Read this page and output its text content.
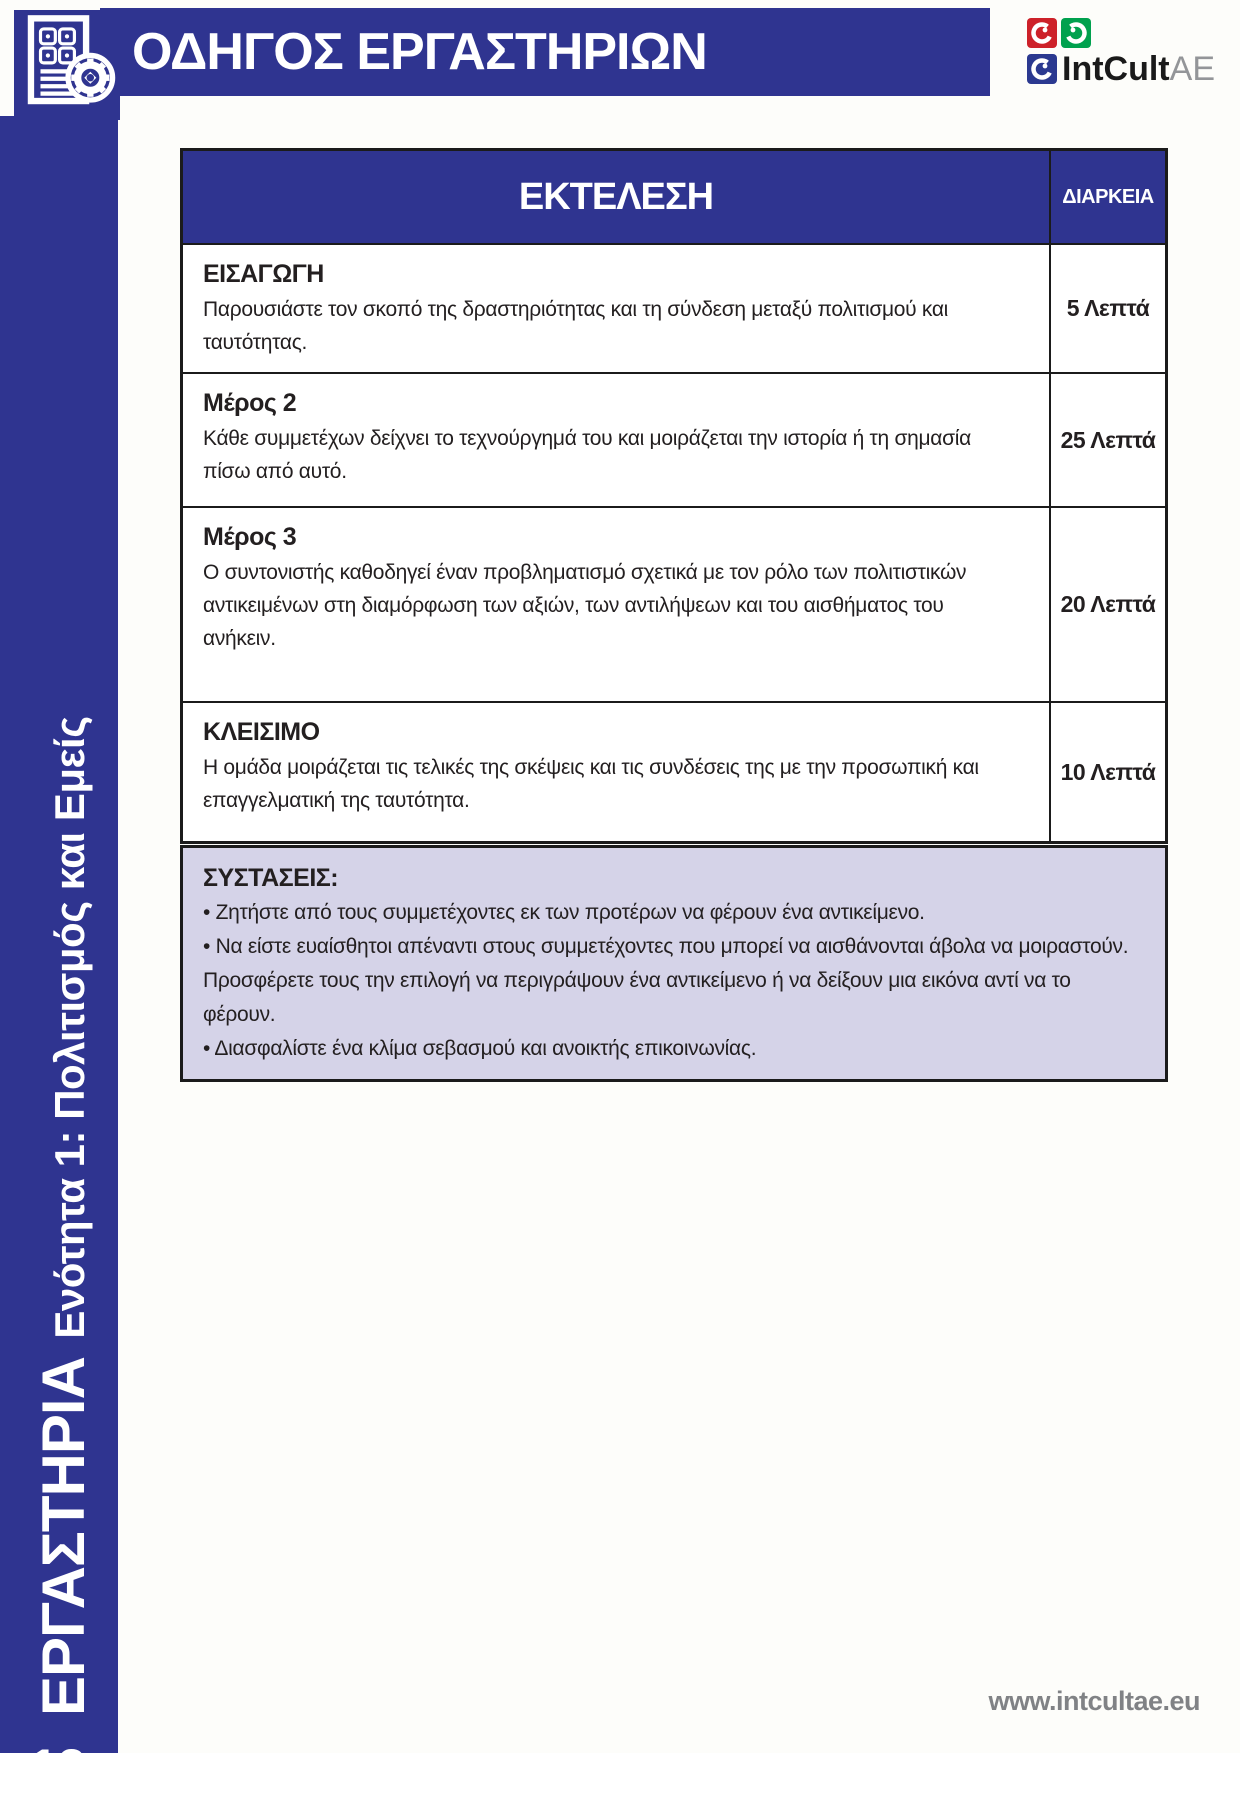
ΕΡΓΑΣΤΗΡΙΑ Ενότητα 1: Πολιτισμός και Εμείς
13
ΟΔΗΓΟΣ ΕΡΓΑΣΤΗΡΙΩΝ	IntCultAE
ΕΚΤΕΛΕΣΗ	ΔΙΑΡΚΕΙΑ
ΕΙΣΑΓΩΓΗ

Παρουσιάστε τον σκοπό της δραστηριότητας και τη σύνδεση μεταξύ πολιτισμού και ταυτότητας.

5 Λεπτά
Μέρος 2

Κάθε συμμετέχων δείχνει το τεχνούργημά του και μοιράζεται την ιστορία ή τη σημασία πίσω από αυτό.

25 Λεπτά
Μέρος 3

Ο συντονιστής καθοδηγεί έναν προβληματισμό σχετικά με τον ρόλο των πολιτιστικών αντικειμένων στη διαμόρφωση των αξιών, των αντιλήψεων και του αισθήματος του ανήκειν.

20 Λεπτά
ΚΛΕΙΣΙΜΟ

Η ομάδα μοιράζεται τις τελικές της σκέψεις και τις συνδέσεις της με την προσωπική και επαγγελματική της ταυτότητα.

10 Λεπτά
ΣΥΣΤΑΣΕΙΣ:
• Ζητήστε από τους συμμετέχοντες εκ των προτέρων να φέρουν ένα αντικείμενο.
• Να είστε ευαίσθητοι απέναντι στους συμμετέχοντες που μπορεί να αισθάνονται άβολα να μοιραστούν. Προσφέρετε τους την επιλογή να περιγράψουν ένα αντικείμενο ή να δείξουν μια εικόνα αντί να το φέρουν.
• Διασφαλίστε ένα κλίμα σεβασμού και ανοικτής επικοινωνίας.
www.intcultae.eu
